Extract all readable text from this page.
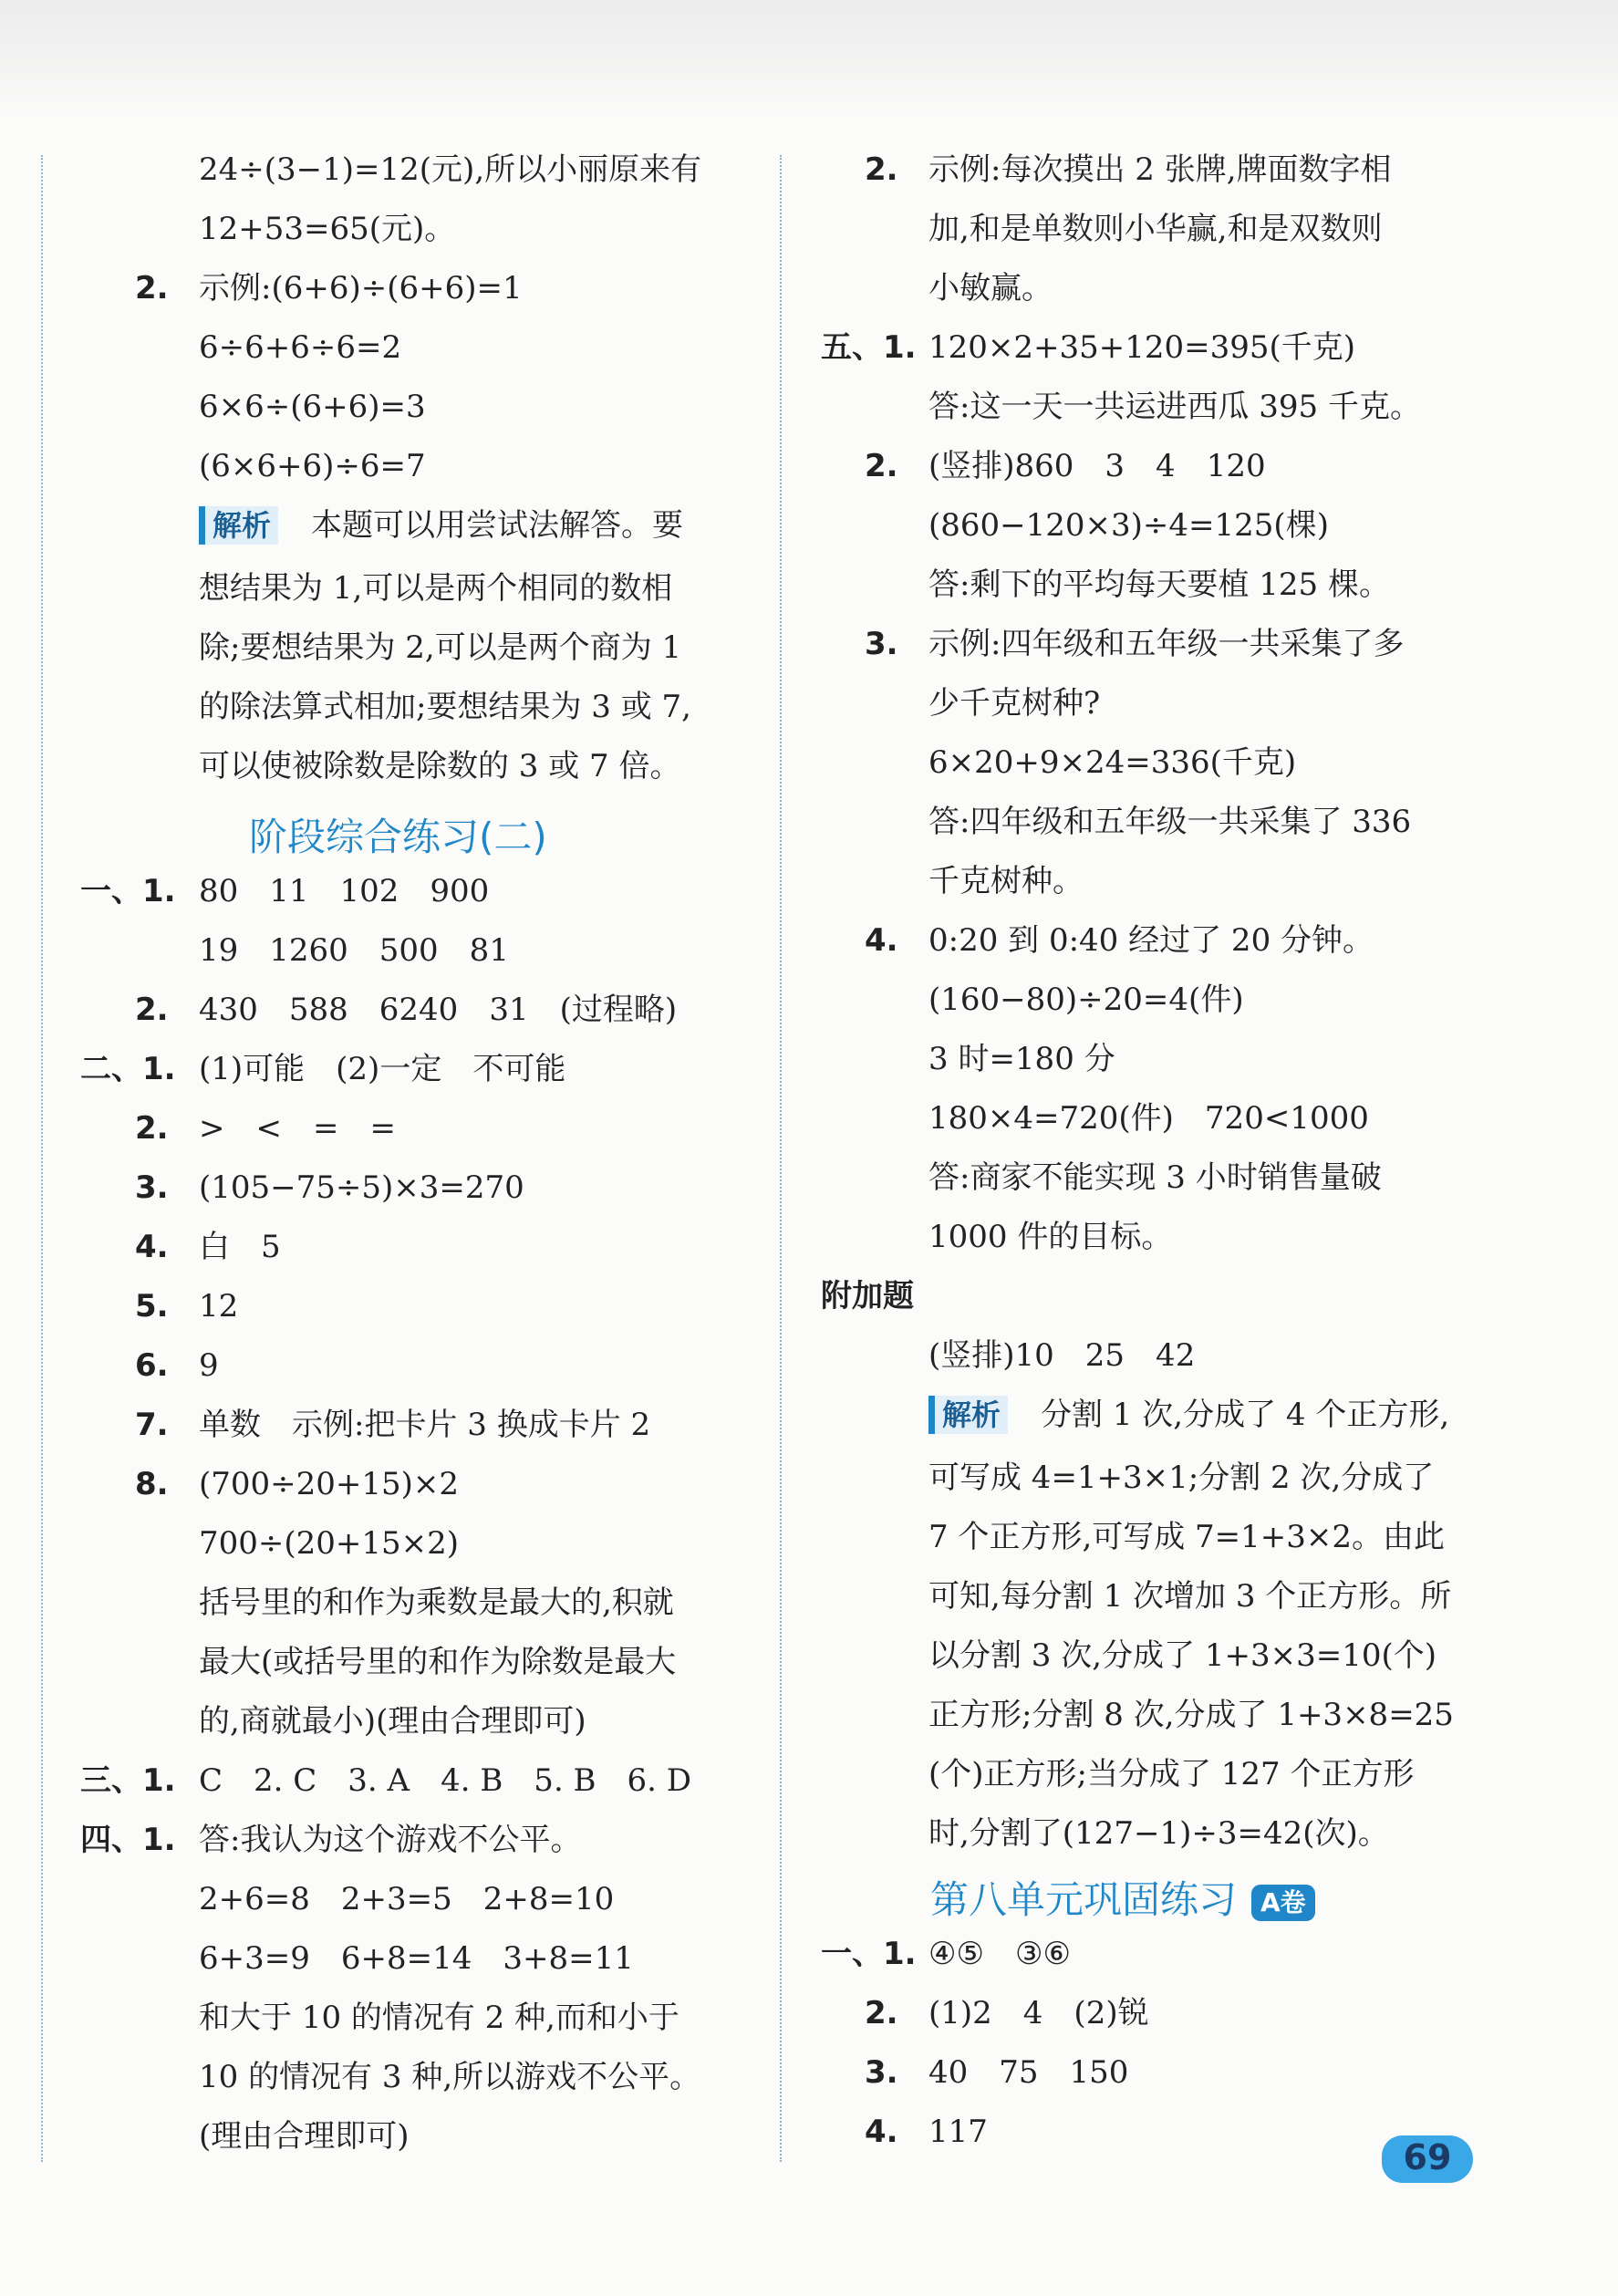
24÷(3−1)=12(元),所以小丽原来有
12+53=65(元)。
2. 示例:(6+6)÷(6+6)=1
6÷6+6÷6=2
6×6÷(6+6)=3
(6×6+6)÷6=7
解析 本题可以用尝试法解答。要
想结果为 1,可以是两个相同的数相
除;要想结果为 2,可以是两个商为 1
的除法算式相加;要想结果为 3 或 7,
可以使被除数是除数的 3 或 7 倍。
阶段综合练习(二)
一、1. 80　11　102　900
19　1260　500　81
2. 430　588　6240　31　(过程略)
二、1. (1)可能　(2)一定　不可能
2. >　<　=　=
3. (105−75÷5)×3=270
4. 白　5
5. 12
6. 9
7. 单数　示例:把卡片 3 换成卡片 2
8. (700÷20+15)×2
700÷(20+15×2)
括号里的和作为乘数是最大的,积就
最大(或括号里的和作为除数是最大
的,商就最小)(理由合理即可)
三、1. C　2. C　3. A　4. B　5. B　6. D
四、1. 答:我认为这个游戏不公平。
2+6=8　2+3=5　2+8=10
6+3=9　6+8=14　3+8=11
和大于 10 的情况有 2 种,而和小于
10 的情况有 3 种,所以游戏不公平。
(理由合理即可)
2. 示例:每次摸出 2 张牌,牌面数字相
加,和是单数则小华赢,和是双数则
小敏赢。
五、1. 120×2+35+120=395(千克)
答:这一天一共运进西瓜 395 千克。
2. (竖排)860　3　4　120
(860−120×3)÷4=125(棵)
答:剩下的平均每天要植 125 棵。
3. 示例:四年级和五年级一共采集了多
少千克树种?
6×20+9×24=336(千克)
答:四年级和五年级一共采集了 336
千克树种。
4. 0:20 到 0:40 经过了 20 分钟。
(160−80)÷20=4(件)
3 时=180 分
180×4=720(件)　720<1000
答:商家不能实现 3 小时销售量破
1000 件的目标。
附加题
(竖排)10　25　42
解析 分割 1 次,分成了 4 个正方形,
可写成 4=1+3×1;分割 2 次,分成了
7 个正方形,可写成 7=1+3×2。由此
可知,每分割 1 次增加 3 个正方形。所
以分割 3 次,分成了 1+3×3=10(个)
正方形;分割 8 次,分成了 1+3×8=25
(个)正方形;当分成了 127 个正方形
时,分割了(127−1)÷3=42(次)。
第八单元巩固练习 A卷
一、1. ④⑤　③⑥
2. (1)2　4　(2)锐
3. 40　75　150
4. 117
69
